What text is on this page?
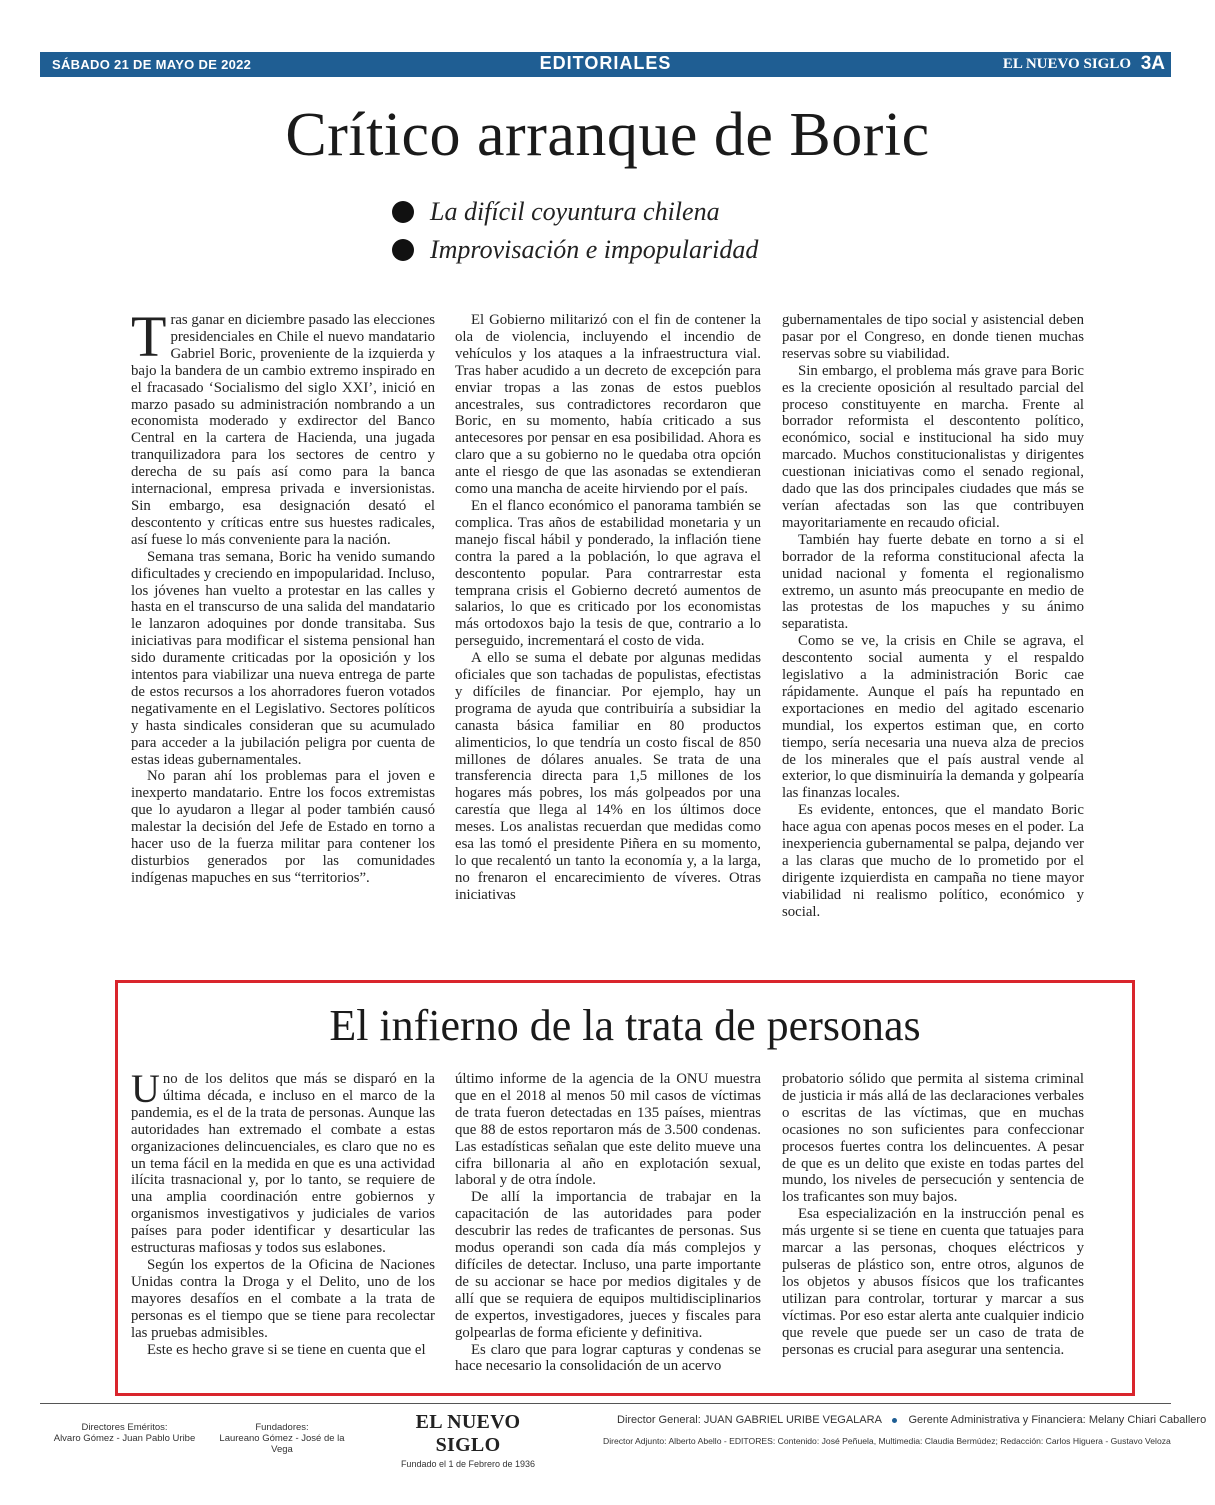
SÁBADO 21 DE MAYO DE 2022	EDITORIALES	EL NUEVO SIGLO 3A
Crítico arranque de Boric
La difícil coyuntura chilena
Improvisación e impopularidad

Tras ganar en diciembre pasado las elecciones presidenciales en Chile el nuevo mandatario Gabriel Boric, proveniente de la izquierda y bajo la bandera de un cambio extremo inspirado en el fracasado ‘Socialismo del siglo XXI’, inició en marzo pasado su administración nombrando a un economista moderado y exdirector del Banco Central en la cartera de Hacienda, una jugada tranquilizadora para los sectores de centro y derecha de su país así como para la banca internacional, empresa privada e inversionistas. Sin embargo, esa designación desató el descontento y críticas entre sus huestes radicales, así fuese lo más conveniente para la nación.

Semana tras semana, Boric ha venido sumando dificultades y creciendo en impopularidad. Incluso, los jóvenes han vuelto a protestar en las calles y hasta en el transcurso de una salida del mandatario le lanzaron adoquines por donde transitaba. Sus iniciativas para modificar el sistema pensional han sido duramente criticadas por la oposición y los intentos para viabilizar una nueva entrega de parte de estos recursos a los ahorradores fueron votados negativamente en el Legislativo. Sectores políticos y hasta sindicales consideran que su acumulado para acceder a la jubilación peligra por cuenta de estas ideas gubernamentales.

No paran ahí los problemas para el joven e inexperto mandatario. Entre los focos extremistas que lo ayudaron a llegar al poder también causó malestar la decisión del Jefe de Estado en torno a hacer uso de la fuerza militar para contener los disturbios generados por las comunidades indígenas mapuches en sus “territorios”.

El Gobierno militarizó con el fin de contener la ola de violencia, incluyendo el incendio de vehículos y los ataques a la infraestructura vial. Tras haber acudido a un decreto de excepción para enviar tropas a las zonas de estos pueblos ancestrales, sus contradictores recordaron que Boric, en su momento, había criticado a sus antecesores por pensar en esa posibilidad. Ahora es claro que a su gobierno no le quedaba otra opción ante el riesgo de que las asonadas se extendieran como una mancha de aceite hirviendo por el país.

En el flanco económico el panorama también se complica. Tras años de estabilidad monetaria y un manejo fiscal hábil y ponderado, la inflación tiene contra la pared a la población, lo que agrava el descontento popular. Para contrarrestar esta temprana crisis el Gobierno decretó aumentos de salarios, lo que es criticado por los economistas más ortodoxos bajo la tesis de que, contrario a lo perseguido, incrementará el costo de vida.

A ello se suma el debate por algunas medidas oficiales que son tachadas de populistas, efectistas y difíciles de financiar. Por ejemplo, hay un programa de ayuda que contribuiría a subsidiar la canasta básica familiar en 80 productos alimenticios, lo que tendría un costo fiscal de 850 millones de dólares anuales. Se trata de una transferencia directa para 1,5 millones de los hogares más pobres, los más golpeados por una carestía que llega al 14% en los últimos doce meses. Los analistas recuerdan que medidas como esa las tomó el presidente Piñera en su momento, lo que recalentó un tanto la economía y, a la larga, no frenaron el encarecimiento de víveres. Otras iniciativas

gubernamentales de tipo social y asistencial deben pasar por el Congreso, en donde tienen muchas reservas sobre su viabilidad.

Sin embargo, el problema más grave para Boric es la creciente oposición al resultado parcial del proceso constituyente en marcha. Frente al borrador reformista el descontento político, económico, social e institucional ha sido muy marcado. Muchos constitucionalistas y dirigentes cuestionan iniciativas como el senado regional, dado que las dos principales ciudades que más se verían afectadas son las que contribuyen mayoritariamente en recaudo oficial.

También hay fuerte debate en torno a si el borrador de la reforma constitucional afecta la unidad nacional y fomenta el regionalismo extremo, un asunto más preocupante en medio de las protestas de los mapuches y su ánimo separatista.

Como se ve, la crisis en Chile se agrava, el descontento social aumenta y el respaldo legislativo a la administración Boric cae rápidamente. Aunque el país ha repuntado en exportaciones en medio del agitado escenario mundial, los expertos estiman que, en corto tiempo, sería necesaria una nueva alza de precios de los minerales que el país austral vende al exterior, lo que disminuiría la demanda y golpearía las finanzas locales.

Es evidente, entonces, que el mandato Boric hace agua con apenas pocos meses en el poder. La inexperiencia gubernamental se palpa, dejando ver a las claras que mucho de lo prometido por el dirigente izquierdista en campaña no tiene mayor viabilidad ni realismo político, económico y social.

El infierno de la trata de personas

Uno de los delitos que más se disparó en la última década, e incluso en el marco de la pandemia, es el de la trata de personas. Aunque las autoridades han extremado el combate a estas organizaciones delincuenciales, es claro que no es un tema fácil en la medida en que es una actividad ilícita trasnacional y, por lo tanto, se requiere de una amplia coordinación entre gobiernos y organismos investigativos y judiciales de varios países para poder identificar y desarticular las estructuras mafiosas y todos sus eslabones.

Según los expertos de la Oficina de Naciones Unidas contra la Droga y el Delito, uno de los mayores desafíos en el combate a la trata de personas es el tiempo que se tiene para recolectar las pruebas admisibles.

Este es hecho grave si se tiene en cuenta que el

último informe de la agencia de la ONU muestra que en el 2018 al menos 50 mil casos de víctimas de trata fueron detectadas en 135 países, mientras que 88 de estos reportaron más de 3.500 condenas. Las estadísticas señalan que este delito mueve una cifra billonaria al año en explotación sexual, laboral y de otra índole.

De allí la importancia de trabajar en la capacitación de las autoridades para poder descubrir las redes de traficantes de personas. Sus modus operandi son cada día más complejos y difíciles de detectar. Incluso, una parte importante de su accionar se hace por medios digitales y de allí que se requiera de equipos multidisciplinarios de expertos, investigadores, jueces y fiscales para golpearlas de forma eficiente y definitiva.

Es claro que para lograr capturas y condenas se hace necesario la consolidación de un acervo

probatorio sólido que permita al sistema criminal de justicia ir más allá de las declaraciones verbales o escritas de las víctimas, que en muchas ocasiones no son suficientes para confeccionar procesos fuertes contra los delincuentes. A pesar de que es un delito que existe en todas partes del mundo, los niveles de persecución y sentencia de los traficantes son muy bajos.

Esa especialización en la instrucción penal es más urgente si se tiene en cuenta que tatuajes para marcar a las personas, choques eléctricos y pulseras de plástico son, entre otros, algunos de los objetos y abusos físicos que los traficantes utilizan para controlar, torturar y marcar a sus víctimas. Por eso estar alerta ante cualquier indicio que revele que puede ser un caso de trata de personas es crucial para asegurar una sentencia.

Directores Eméritos:
Alvaro Gómez - Juan Pablo Uribe
Fundadores:
Laureano Gómez - José de la Vega
EL NUEVO SIGLO
Fundado el 1 de Febrero de 1936
Director General: JUAN GABRIEL URIBE VEGALARA Gerente Administrativa y Financiera: Melany Chiari Caballero
Director Adjunto: Alberto Abello - EDITORES: Contenido: José Peñuela, Multimedia: Claudia Bermúdez; Redacción: Carlos Higuera - Gustavo Veloza
